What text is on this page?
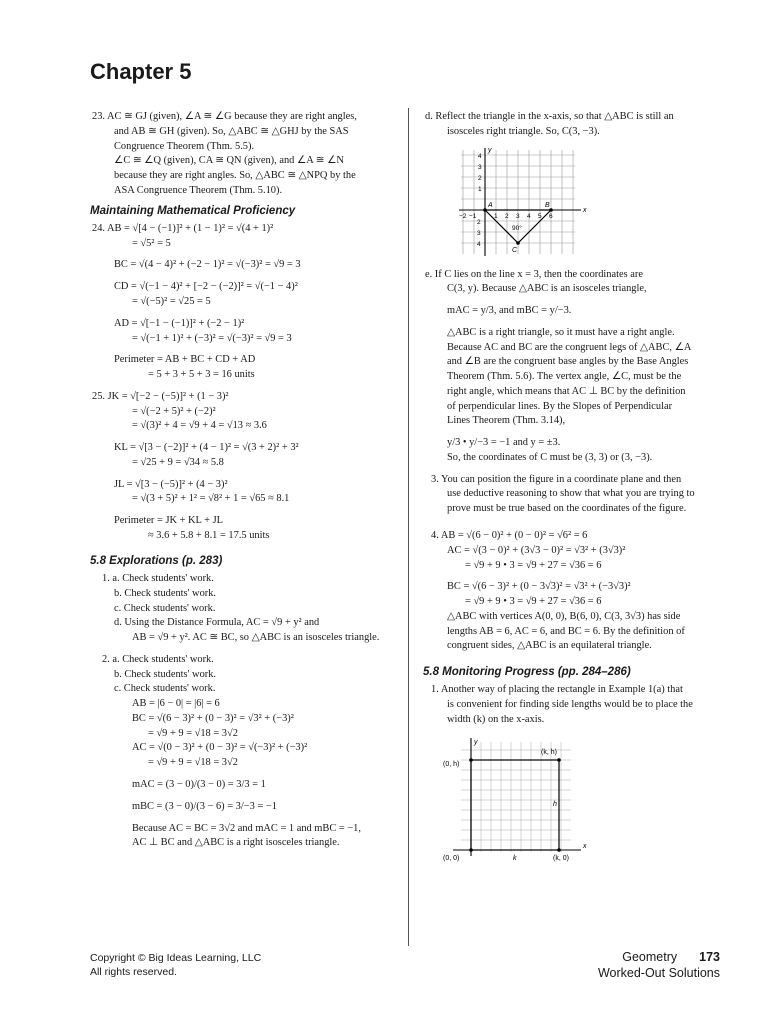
Chapter 5
23. AC ≅ GJ (given), ∠A ≅ ∠G because they are right angles,
and AB ≅ GH (given). So, △ABC ≅ △GHJ by the SAS
Congruence Theorem (Thm. 5.5).
∠C ≅ ∠Q (given), CA ≅ QN (given), and ∠A ≅ ∠N
because they are right angles. So, △ABC ≅ △NPQ by the
ASA Congruence Theorem (Thm. 5.10).
Maintaining Mathematical Proficiency
24. AB = √[4 − (−1)]² + (1 − 1)² = √(4 + 1)²
= √5² = 5
BC = √(4 − 4)² + (−2 − 1)² = √(−3)² = √9 = 3
CD = √(−1 − 4)² + [−2 − (−2)]² = √(−1 − 4)²
= √(−5)² = √25 = 5
AD = √[−1 − (−1)]² + (−2 − 1)²
= √(−1 + 1)² + (−3)² = √(−3)² = √9 = 3
Perimeter = AB + BC + CD + AD
= 5 + 3 + 5 + 3 = 16 units
25. JK = √[−2 − (−5)]² + (1 − 3)²
= √(−2 + 5)² + (−2)²
= √(3)² + 4 = √9 + 4 = √13 ≈ 3.6
KL = √[3 − (−2)]² + (4 − 1)² = √(3 + 2)² + 3²
= √25 + 9 = √34 ≈ 5.8
JL = √[3 − (−5)]² + (4 − 3)²
= √(3 + 5)² + 1² = √8² + 1 = √65 ≈ 8.1
Perimeter = JK + KL + JL
≈ 3.6 + 5.8 + 8.1 = 17.5 units
5.8 Explorations (p. 283)
1. a. Check students' work.
b. Check students' work.
c. Check students' work.
d. Using the Distance Formula, AC = √9 + y² and
AB = √9 + y². AC ≅ BC, so △ABC is an isosceles triangle.
2. a. Check students' work.
b. Check students' work.
c. Check students' work.
AB = |6 − 0| = |6| = 6
BC = √(6 − 3)² + (0 − 3)² = √3² + (−3)²
= √9 + 9 = √18 = 3√2
AC = √(0 − 3)² + (0 − 3)² = √(−3)² + (−3)²
= √9 + 9 = √18 = 3√2
mAC = (3 − 0)/(3 − 0) = 3/3 = 1
mBC = (3 − 0)/(3 − 6) = 3/−3 = −1
Because AC = BC = 3√2 and mAC = 1 and mBC = −1,
AC ⊥ BC and △ABC is a right isosceles triangle.
d. Reflect the triangle in the x-axis, so that △ABC is still an
isosceles right triangle. So, C(3, −3).
x
y
4
3
2
1
2
3
4
−2 −1	1 2 3 4 5 6
A	B
C
90°
e. If C lies on the line x = 3, then the coordinates are
C(3, y). Because △ABC is an isosceles triangle,
mAC = y/3, and mBC = y/−3.
△ABC is a right triangle, so it must have a right angle.
Because AC and BC are the congruent legs of △ABC, ∠A
and ∠B are the congruent base angles by the Base Angles
Theorem (Thm. 5.6). The vertex angle, ∠C, must be the
right angle, which means that AC ⊥ BC by the definition
of perpendicular lines. By the Slopes of Perpendicular
Lines Theorem (Thm. 3.14),
y/3 • y/−3 = −1 and y = ±3.
So, the coordinates of C must be (3, 3) or (3, −3).
3. You can position the figure in a coordinate plane and then
use deductive reasoning to show that what you are trying to
prove must be true based on the coordinates of the figure.
4. AB = √(6 − 0)² + (0 − 0)² = √6² = 6
AC = √(3 − 0)² + (3√3 − 0)² = √3² + (3√3)²
= √9 + 9 • 3 = √9 + 27 = √36 = 6
BC = √(6 − 3)² + (0 − 3√3)² = √3² + (−3√3)²
= √9 + 9 • 3 = √9 + 27 = √36 = 6
△ABC with vertices A(0, 0), B(6, 0), C(3, 3√3) has side
lengths AB = 6, AC = 6, and BC = 6. By the definition of
congruent sides, △ABC is an equilateral triangle.
5.8 Monitoring Progress (pp. 284–286)
1. Another way of placing the rectangle in Example 1(a) that
is convenient for finding side lengths would be to place the
width (k) on the x-axis.
x
y
(0, h)
(k, h)
(0, 0)	(k, 0)
h
k
Copyright © Big Ideas Learning, LLC
All rights reserved.
Geometry 173
Worked-Out Solutions
